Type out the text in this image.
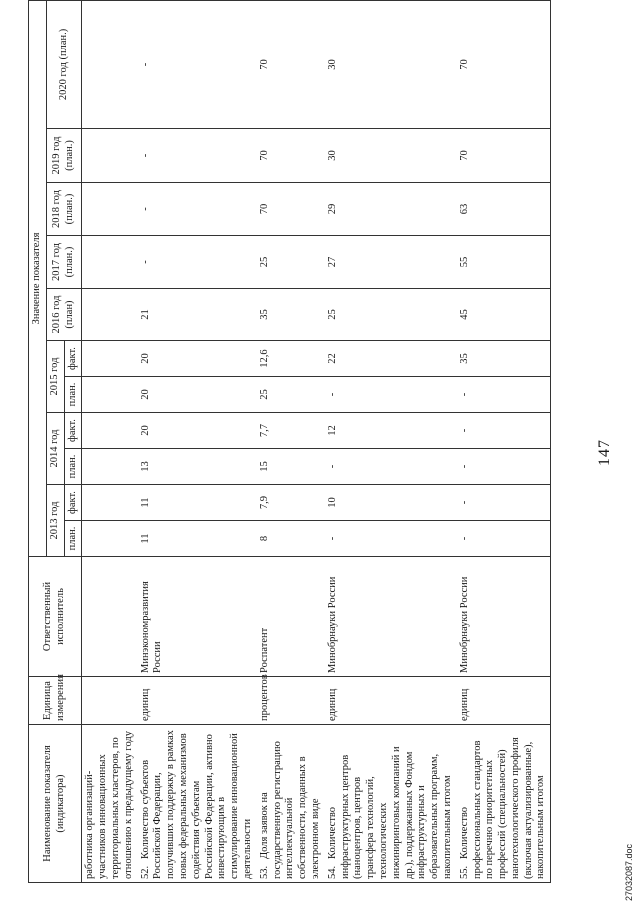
147
27032087.doc
Наименование показателя (индикатора)	Единица измерения	Ответственный исполнитель	Значение показателя										
			2013 год		2014 год		2015 год		2016 год (план)	2017 год (план.)	2018 год (план.)	2019 год (план.)	2020 год (план.)
			план.	факт.	план.	факт.	план.	факт.					
работника организаций-участников инновационных территориальных кластеров, по отношению к предыдущему году													
52.Количество субъектов Российской Федерации, получивших поддержку в рамках новых федеральных механизмов содействия субъектам Российской Федерации, активно инвестирующим в стимулирование инновационной деятельности	единиц	Минэкономразвития России	11	11	13	20	20	20	21	-	-	-	-
53.Доля заявок на государственную регистрацию интеллектуальной собственности, поданных в электронном виде	процентов	Роспатент	8	7,9	15	7,7	25	12,6	35	25	70	70	70
54.Количество инфраструктурных центров (наноцентров, центров трансфера технологий, технологических инжиниринговых компаний и др.), поддержанных Фондом инфраструктурных и образовательных программ, накопительным итогом	единиц	Минобрнауки России	-	10	-	12	-	22	25	27	29	30	30
55.Количество профессиональных стандартов по перечню приоритетных профессий (специальностей) нанотехнологического профиля (включая актуализированные), накопительным итогом	единиц	Минобрнауки России	-	-	-	-	-	35	45	55	63	70	70
